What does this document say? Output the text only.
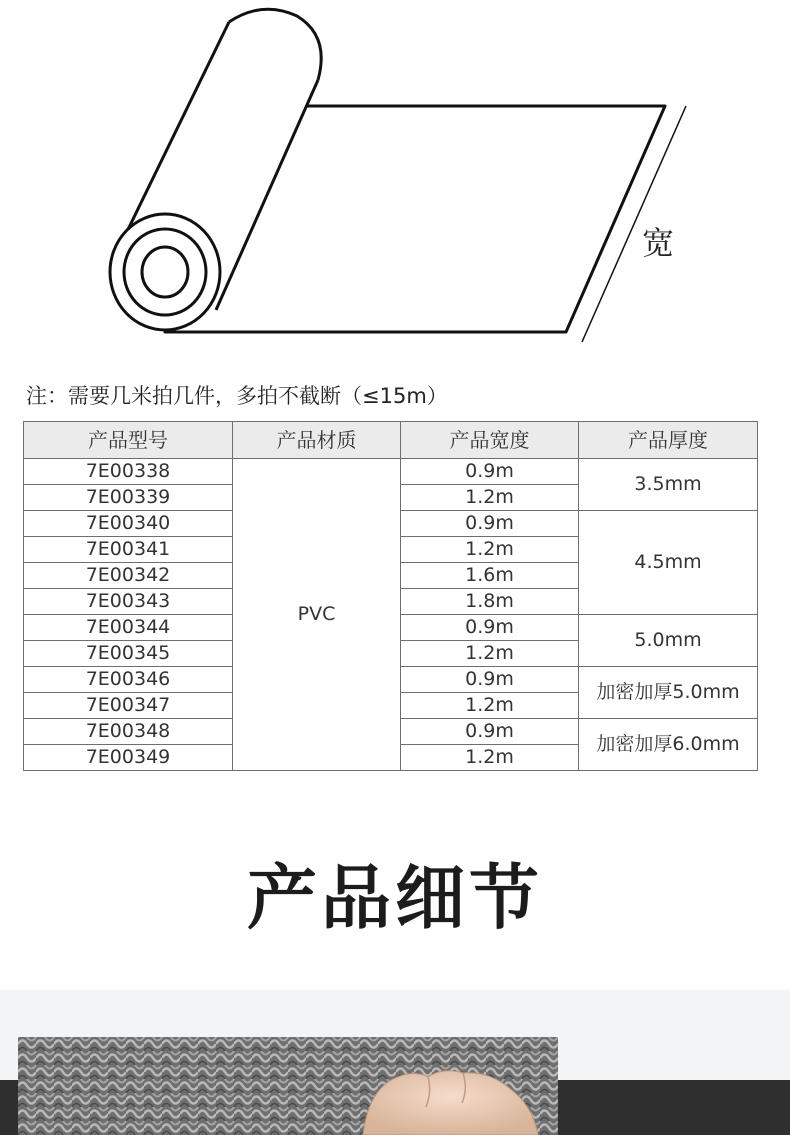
宽
注：需要几米拍几件，多拍不截断（≤15m）
产品型号	产品材质	产品宽度	产品厚度
7E00338	PVC	0.9m	3.5mm
7E00339		1.2m	
7E00340		0.9m	4.5mm
7E00341		1.2m	
7E00342		1.6m	
7E00343		1.8m	
7E00344		0.9m	5.0mm
7E00345		1.2m	
7E00346		0.9m	加密加厚5.0mm
7E00347		1.2m	
7E00348		0.9m	加密加厚6.0mm
7E00349		1.2m	
产品细节
